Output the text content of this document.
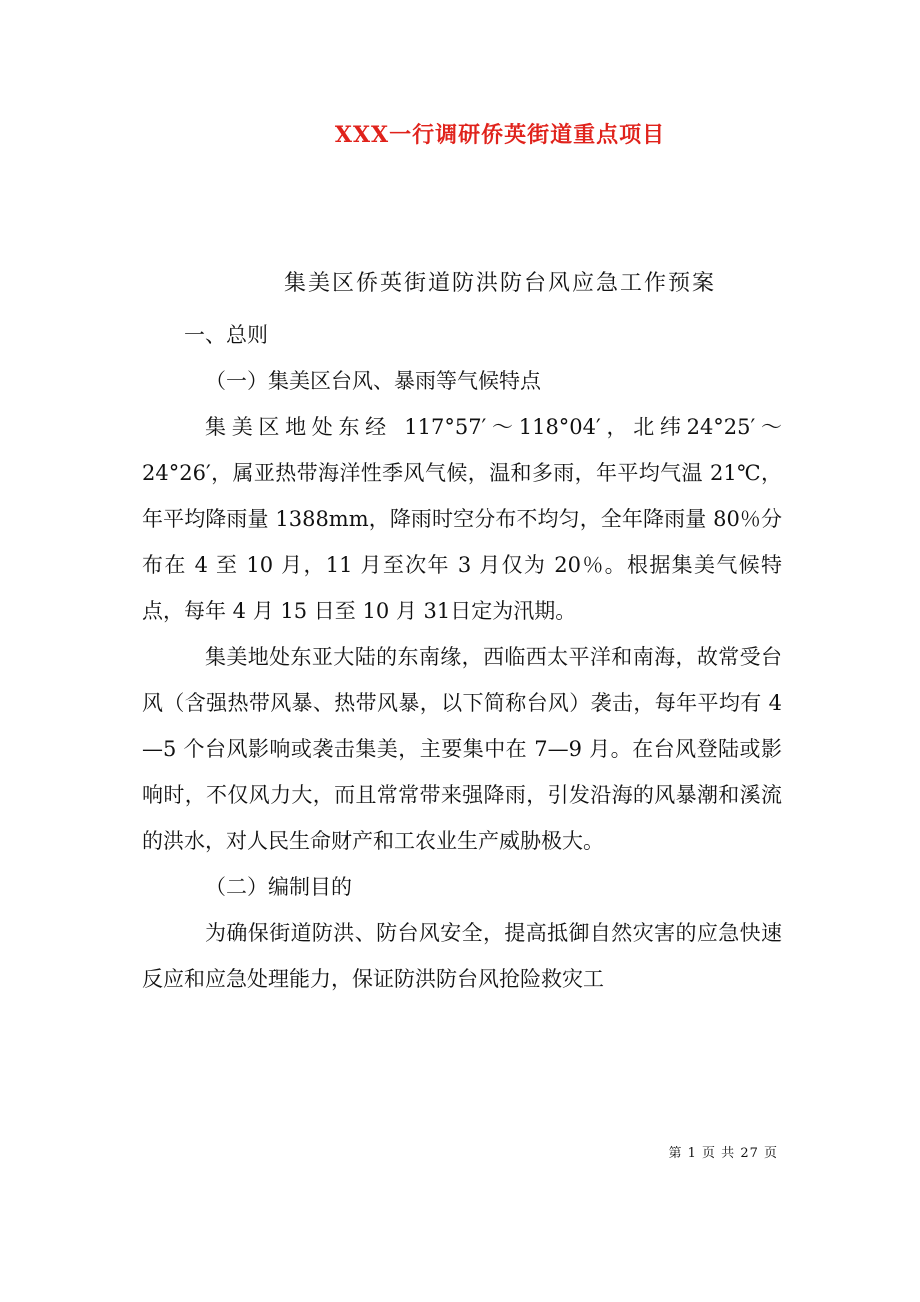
XXX一行调研侨英街道重点项目
集美区侨英街道防洪防台风应急工作预案

一、总则

（一）集美区台风、暴雨等气候特点

集美区地处东经 117°57′～118°04′，北纬24°25′～24°26′，属亚热带海洋性季风气候，温和多雨，年平均气温 21℃，年平均降雨量 1388mm，降雨时空分布不均匀，全年降雨量 80％分布在 4 至 10 月，11 月至次年 3 月仅为 20％。根据集美气候特点，每年 4 月 15 日至 10 月 31日定为汛期。

集美地处东亚大陆的东南缘，西临西太平洋和南海，故常受台风（含强热带风暴、热带风暴，以下简称台风）袭击，每年平均有 4—5 个台风影响或袭击集美，主要集中在 7—9 月。在台风登陆或影响时，不仅风力大，而且常常带来强降雨，引发沿海的风暴潮和溪流的洪水，对人民生命财产和工农业生产威胁极大。

（二）编制目的

为确保街道防洪、防台风安全，提高抵御自然灾害的应急快速反应和应急处理能力，保证防洪防台风抢险救灾工

第 1 页 共 27 页
